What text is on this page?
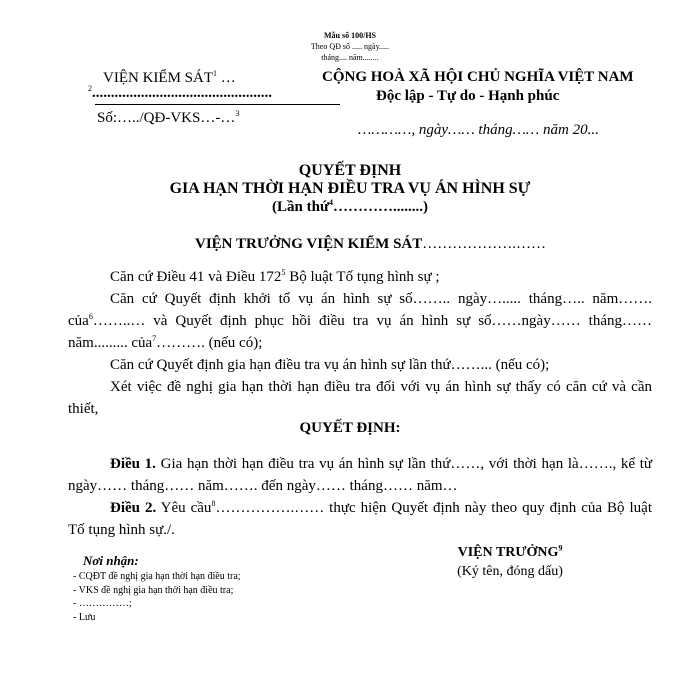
Mẫu số 100/HS
Theo QĐ số ..... ngày.....
tháng.... năm........
VIỆN KIỂM SÁT$^1$ …
$^2$................................................
Số:…../QĐ-VKS…-…$^3$
CỘNG HOÀ XÃ HỘI CHỦ NGHĨA VIỆT NAM
Độc lập - Tự do - Hạnh phúc
…………, ngày…… tháng…… năm 20...
QUYẾT ĐỊNH
GIA HẠN THỜI HẠN ĐIỀU TRA VỤ ÁN HÌNH SỰ
(Lần thứ$^4$…………........)
VIỆN TRƯỞNG VIỆN KIỂM SÁT……………….……
Căn cứ Điều 41 và Điều $172^5$ Bộ luật Tố tụng hình sự ;
Căn cứ Quyết định khởi tố vụ án hình sự số…….. ngày…..... tháng….. năm……. của$^6$……..… và Quyết định phục hồi điều tra vụ án hình sự số……ngày…… tháng…… năm......... của$^7$………. (nếu có);
Căn cứ Quyết định gia hạn điều tra vụ án hình sự lần thứ……... (nếu có);
Xét việc đề nghị gia hạn thời hạn điều tra đối với vụ án hình sự thấy có căn cứ và cần thiết,
QUYẾT ĐỊNH:
Điều 1. Gia hạn thời hạn điều tra vụ án hình sự lần thứ……, với thời hạn là……., kể từ ngày…… tháng…… năm……. đến ngày…… tháng…… năm…
Điều 2. Yêu cầu$^8$…………….…… thực hiện Quyết định này theo quy định của Bộ luật Tố tụng hình sự./.
Nơi nhận:
- CQĐT đề nghị gia hạn thời hạn điều tra;
- VKS đề nghị gia hạn thời hạn điều tra;
- ……………;
- Lưu
VIỆN TRƯỞNG$^9$
(Ký tên, đóng dấu)
